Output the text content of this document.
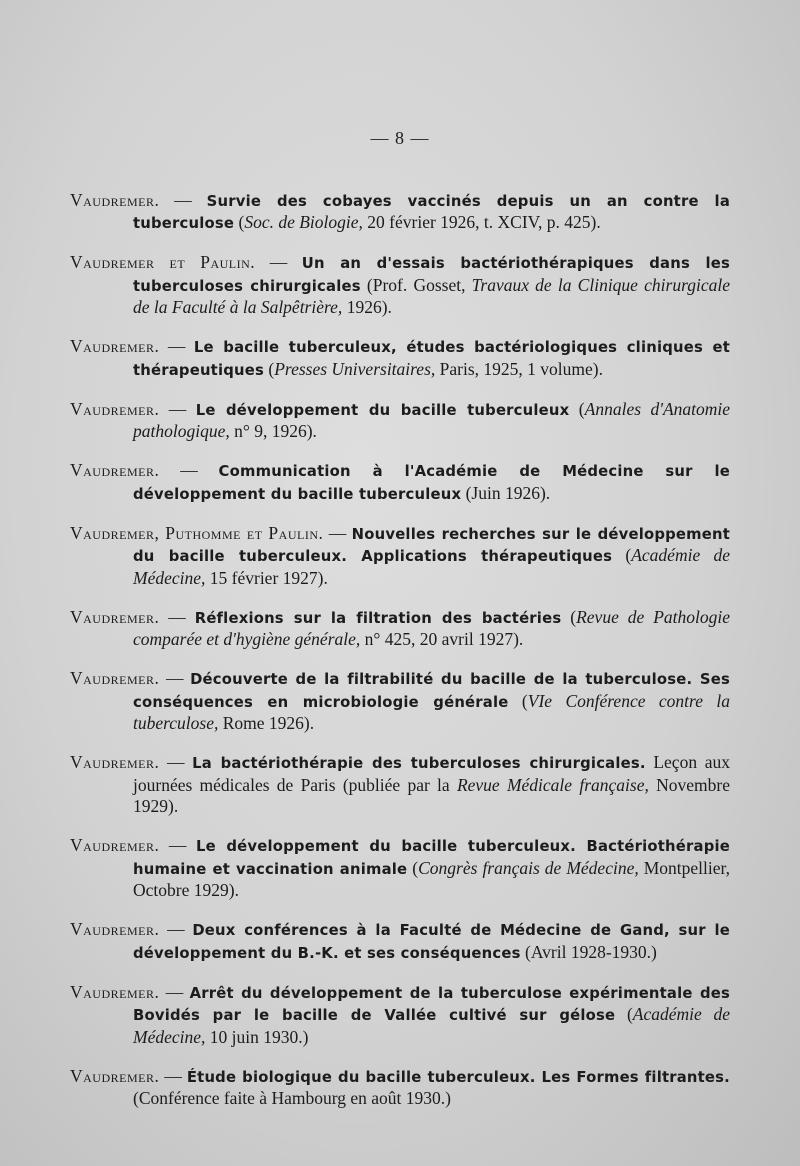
— 8 —

Vaudremer. — Survie des cobayes vaccinés depuis un an contre la tuberculose (Soc. de Biologie, 20 février 1926, t. XCIV, p. 425).

Vaudremer et Paulin. — Un an d'essais bactériothérapiques dans les tuberculoses chirurgicales (Prof. Gosset, Travaux de la Clinique chirurgicale de la Faculté à la Salpêtrière, 1926).

Vaudremer. — Le bacille tuberculeux, études bactériologiques cliniques et thérapeutiques (Presses Universitaires, Paris, 1925, 1 volume).

Vaudremer. — Le développement du bacille tuberculeux (Annales d'Anatomie pathologique, n° 9, 1926).

Vaudremer. — Communication à l'Académie de Médecine sur le développement du bacille tuberculeux (Juin 1926).

Vaudremer, Puthomme et Paulin. — Nouvelles recherches sur le développement du bacille tuberculeux. Applications thérapeutiques (Académie de Médecine, 15 février 1927).

Vaudremer. — Réflexions sur la filtration des bactéries (Revue de Pathologie comparée et d'hygiène générale, n° 425, 20 avril 1927).

Vaudremer. — Découverte de la filtrabilité du bacille de la tuberculose. Ses conséquences en microbiologie générale (VIe Conférence contre la tuberculose, Rome 1926).

Vaudremer. — La bactériothérapie des tuberculoses chirurgicales. Leçon aux journées médicales de Paris (publiée par la Revue Médicale française, Novembre 1929).

Vaudremer. — Le développement du bacille tuberculeux. Bactériothérapie humaine et vaccination animale (Congrès français de Médecine, Montpellier, Octobre 1929).

Vaudremer. — Deux conférences à la Faculté de Médecine de Gand, sur le développement du B.-K. et ses conséquences (Avril 1928-1930.)

Vaudremer. — Arrêt du développement de la tuberculose expérimentale des Bovidés par le bacille de Vallée cultivé sur gélose (Académie de Médecine, 10 juin 1930.)

Vaudremer. — Étude biologique du bacille tuberculeux. Les Formes filtrantes. (Conférence faite à Hambourg en août 1930.)
